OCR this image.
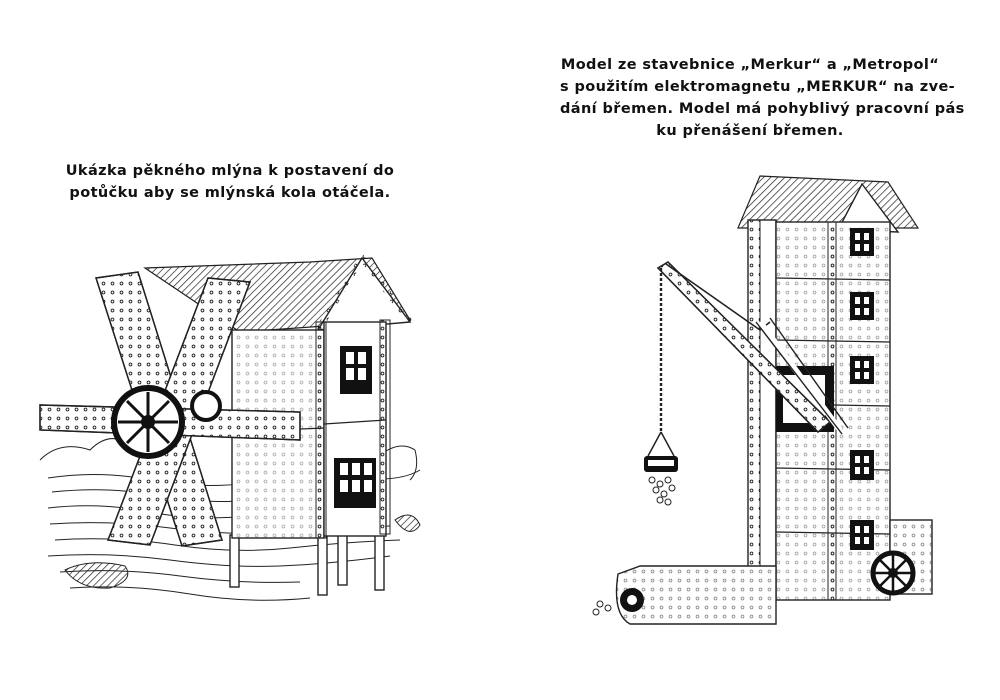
Ukázka pěkného mlýna k postavení do
potůčku aby se mlýnská kola otáčela.
Model ze stavebnice „Merkur“ a „Metropol“
s použitím elektromagnetu „MERKUR“ na zve-
dání břemen. Model má pohyblivý pracovní pás
ku přenášení břemen.
